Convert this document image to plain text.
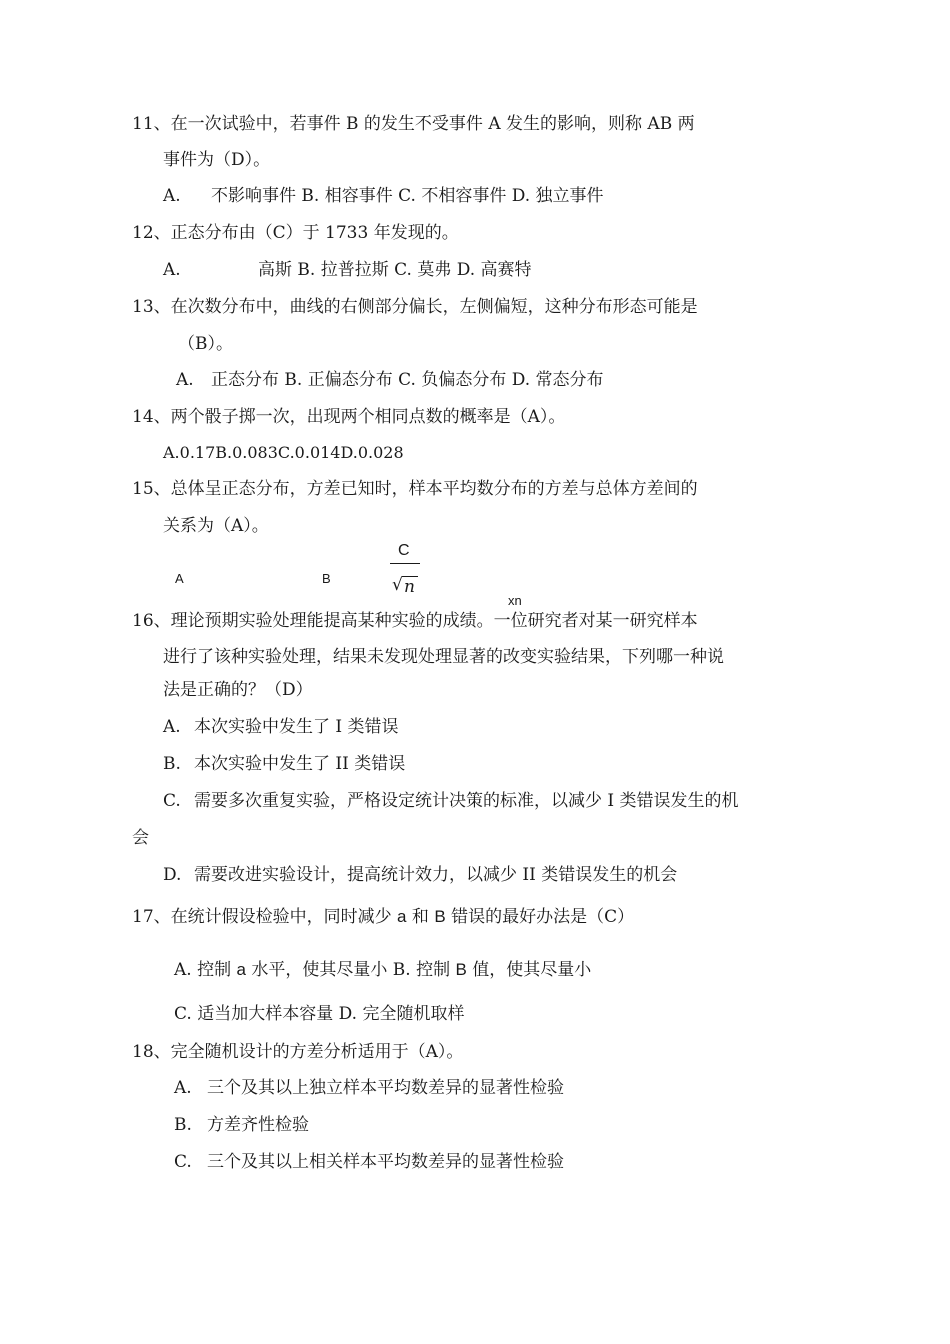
11、在一次试验中，若事件 B 的发生不受事件 A 发生的影响，则称 AB 两
事件为（D）。
A. 不影响事件 B. 相容事件 C. 不相容事件 D. 独立事件
12、正态分布由（C）于 1733 年发现的。
A.	高斯 B. 拉普拉斯 C. 莫弗 D. 高赛特
13、在次数分布中，曲线的右侧部分偏长，左侧偏短，这种分布形态可能是
（B）。
A. 正态分布 B. 正偏态分布 C. 负偏态分布 D. 常态分布
14、两个骰子掷一次，出现两个相同点数的概率是（A）。
A.0.17B.0.083C.0.014D.0.028
15、总体呈正态分布，方差已知时，样本平均数分布的方差与总体方差间的
关系为（A）。
A	B
C
√ n
xn
16、理论预期实验处理能提高某种实验的成绩。一位研究者对某一研究样本
进行了该种实验处理，结果未发现处理显著的改变实验结果，下列哪一种说
法是正确的？（D）
A. 本次实验中发生了 I 类错误
B. 本次实验中发生了 II 类错误
C. 需要多次重复实验，严格设定统计决策的标准，以减少 I 类错误发生的机
会
D. 需要改进实验设计，提高统计效力，以减少 II 类错误发生的机会
17、在统计假设检验中，同时减少 a 和 B 错误的最好办法是（C）
A. 控制 a 水平，使其尽量小 B. 控制 B 值，使其尽量小
C. 适当加大样本容量 D. 完全随机取样
18、完全随机设计的方差分析适用于（A）。
A. 三个及其以上独立样本平均数差异的显著性检验
B. 方差齐性检验
C. 三个及其以上相关样本平均数差异的显著性检验
